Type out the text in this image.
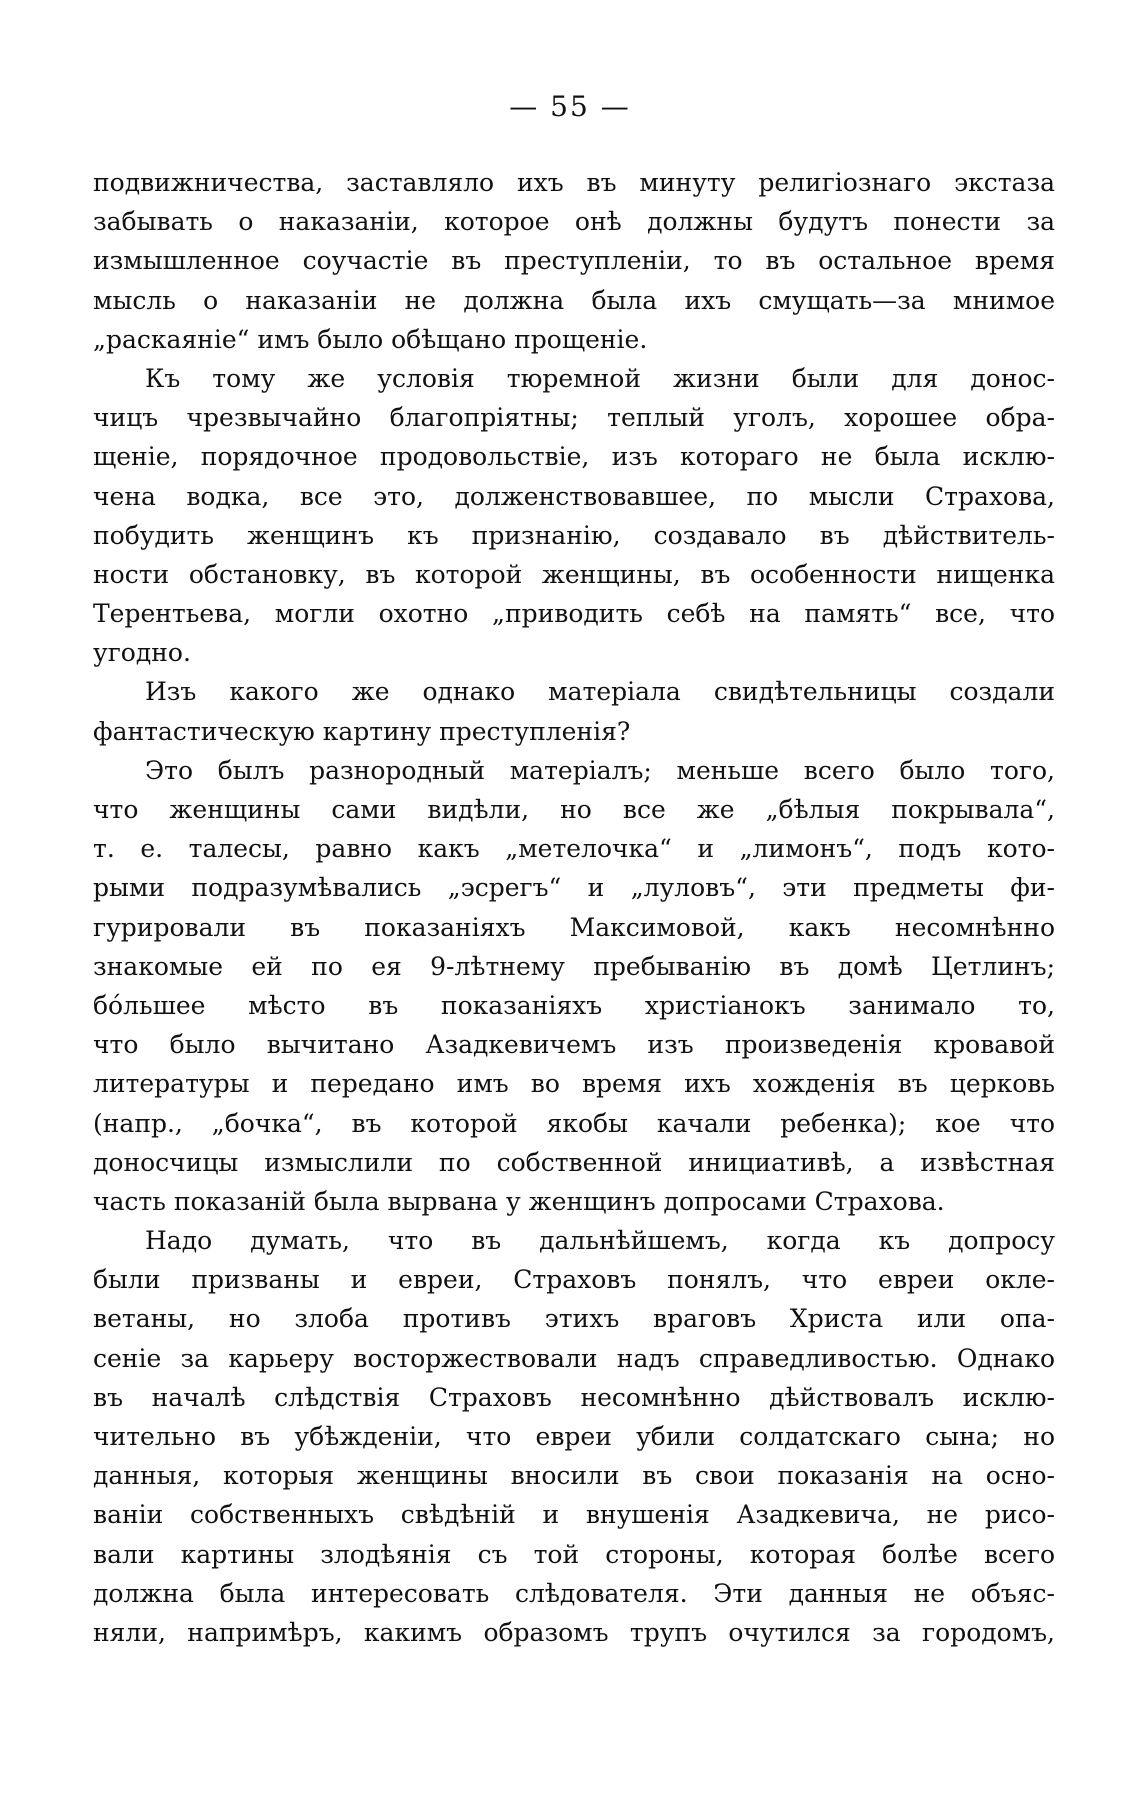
— 55 —
подвижничества, заставляло ихъ въ минуту религiознаго экстаза
забывать о наказанiи, которое онѣ должны будутъ понести за
измышленное соучастiе въ преступленiи, то въ остальное время
мысль о наказанiи не должна была ихъ смущать—за мнимое
„раскаянiе“ имъ было обѣщано прощенiе.
Къ тому же условiя тюремной жизни были для донос-
чицъ чрезвычайно благопрiятны; теплый уголъ, хорошее обра-
щенiе, порядочное продовольствiе, изъ котораго не была исклю-
чена водка, все это, долженствовавшее, по мысли Страхова,
побудить женщинъ къ признанiю, создавало въ дѣйствитель-
ности обстановку, въ которой женщины, въ особенности нищенка
Терентьева, могли охотно „приводить себѣ на память“ все, что
угодно.
Изъ какого же однако матерiала свидѣтельницы создали
фантастическую картину преступленiя?
Это былъ разнородный матерiалъ; меньше всего было того,
что женщины сами видѣли, но все же „бѣлыя покрывала“,
т. е. талесы, равно какъ „метелочка“ и „лимонъ“, подъ кото-
рыми подразумѣвались „эсрегъ“ и „луловъ“, эти предметы фи-
гурировали въ показанiяхъ Максимовой, какъ несомнѣнно
знакомые ей по ея 9-лѣтнему пребыванiю въ домѣ Цетлинъ;
бóльшее мѣсто въ показанiяхъ христiанокъ занимало то,
что было вычитано Азадкевичемъ изъ произведенiя кровавой
литературы и передано имъ во время ихъ хожденiя въ церковь
(напр., „бочка“, въ которой якобы качали ребенка); кое что
доносчицы измыслили по собственной инициативѣ, а извѣстная
часть показанiй была вырвана у женщинъ допросами Страхова.
Надо думать, что въ дальнѣйшемъ, когда къ допросу
были призваны и евреи, Страховъ понялъ, что евреи окле-
ветаны, но злоба противъ этихъ враговъ Христа или опа-
сенiе за карьеру восторжествовали надъ справедливостью. Однако
въ началѣ слѣдствiя Страховъ несомнѣнно дѣйствовалъ исклю-
чительно въ убѣжденiи, что евреи убили солдатскаго сына; но
данныя, которыя женщины вносили въ свои показанiя на осно-
ванiи собственныхъ свѣдѣнiй и внушенiя Азадкевича, не рисо-
вали картины злодѣянiя съ той стороны, которая болѣе всего
должна была интересовать слѣдователя. Эти данныя не объяс-
няли, напримѣръ, какимъ образомъ трупъ очутился за городомъ,
